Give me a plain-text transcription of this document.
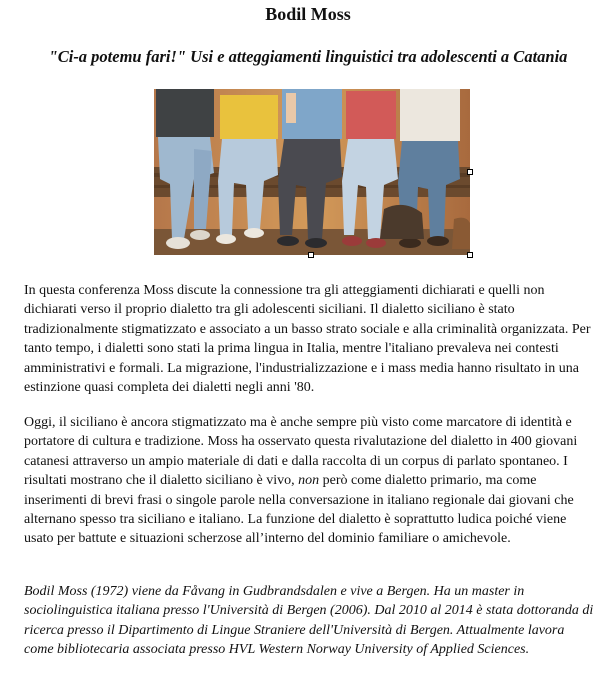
Bodil Moss
"Ci-a potemu fari!" Usi e atteggiamenti linguistici tra adolescenti a Catania

In questa conferenza Moss discute la connessione tra gli atteggiamenti dichiarati e quelli non dichiarati verso il proprio dialetto tra gli adolescenti siciliani. Il dialetto siciliano è stato tradizionalmente stigmatizzato e associato a un basso strato sociale e alla criminalità organizzata. Per tanto tempo, i dialetti sono stati la prima lingua in Italia, mentre l'italiano prevaleva nei contesti amministrativi e formali. La migrazione, l'industrializzazione e i mass media hanno risultato in una estinzione quasi completa dei dialetti negli anni '80.

Oggi, il siciliano è ancora stigmatizzato ma è anche sempre più visto come marcatore di identità e portatore di cultura e tradizione. Moss ha osservato questa rivalutazione del dialetto in 400 giovani catanesi attraverso un ampio materiale di dati e dalla raccolta di un corpus di parlato spontaneo. I risultati mostrano che il dialetto siciliano è vivo, non però come dialetto primario, ma come inserimenti di brevi frasi o singole parole nella conversazione in italiano regionale dai giovani che alternano spesso tra siciliano e italiano. La funzione del dialetto è soprattutto ludica poiché viene usato per battute e situazioni scherzose all’interno del dominio familiare o amichevole.

Bodil Moss (1972) viene da Fåvang in Gudbrandsdalen e vive a Bergen. Ha un master in sociolinguistica italiana presso l'Università di Bergen (2006). Dal 2010 al 2014 è stata dottoranda di ricerca presso il Dipartimento di Lingue Straniere dell'Università di Bergen. Attualmente lavora come bibliotecaria associata presso HVL Western Norway University of Applied Sciences.
